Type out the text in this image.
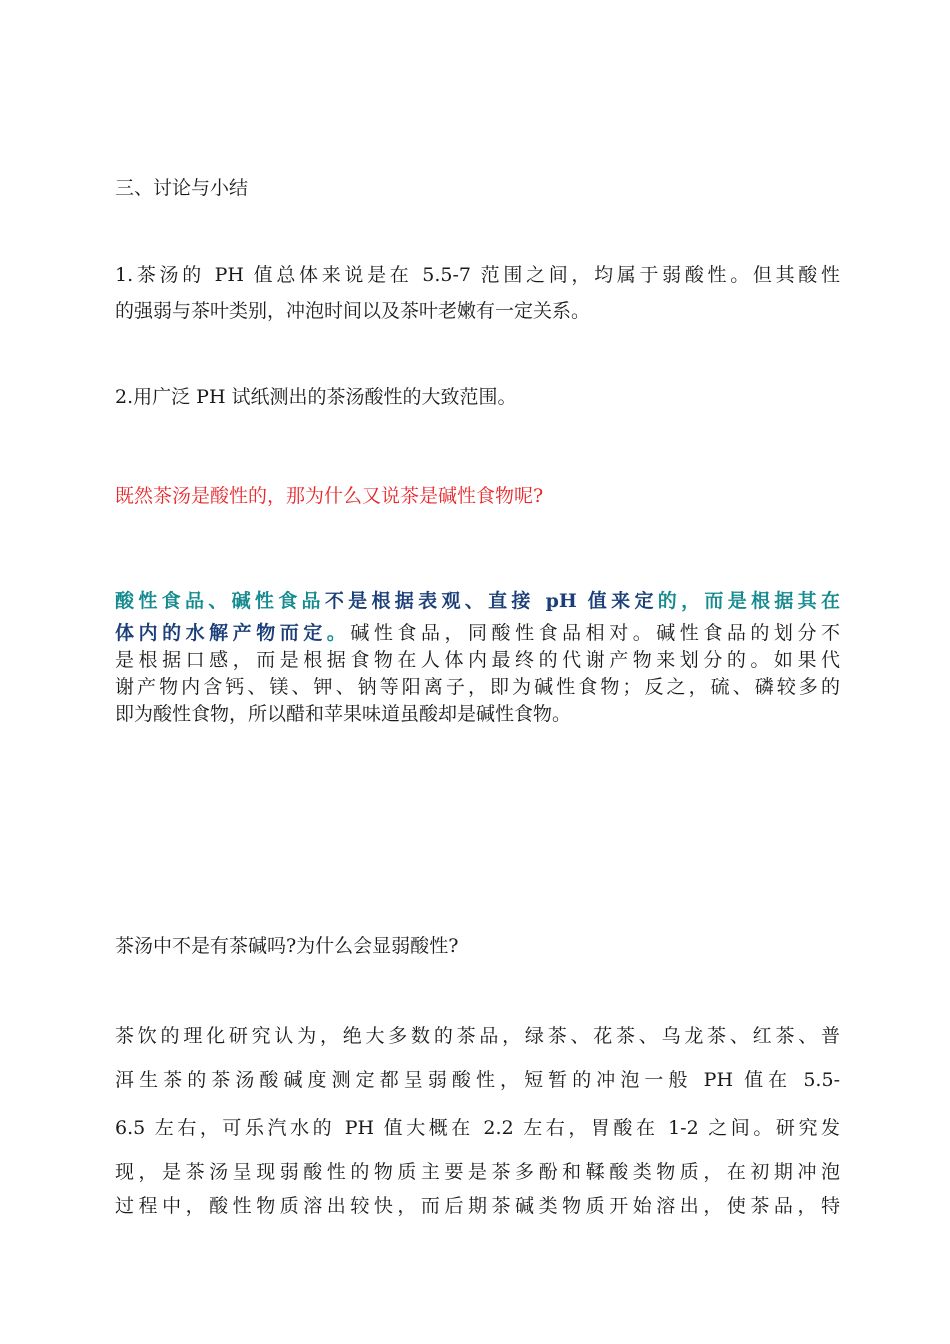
三、讨论与小结

1.茶汤的 PH 值总体来说是在 5.5-7 范围之间，均属于弱酸性。但其酸性
的强弱与茶叶类别，冲泡时间以及茶叶老嫩有一定关系。

2.用广泛 PH 试纸测出的茶汤酸性的大致范围。

既然茶汤是酸性的，那为什么又说茶是碱性食物呢?

酸性食品、碱性食品不是根据表观、直接 pH 值来定的，而是根据其在
体内的水解产物而定。碱性食品，同酸性食品相对。碱性食品的划分不
是根据口感，而是根据食物在人体内最终的代谢产物来划分的。如果代
谢产物内含钙、镁、钾、钠等阳离子，即为碱性食物；反之，硫、磷较多的
即为酸性食物，所以醋和苹果味道虽酸却是碱性食物。

茶汤中不是有茶碱吗?为什么会显弱酸性?

茶饮的理化研究认为，绝大多数的茶品，绿茶、花茶、乌龙茶、红茶、普
洱生茶的茶汤酸碱度测定都呈弱酸性，短暂的冲泡一般 PH 值在 5.5-
6.5 左右，可乐汽水的 PH 值大概在 2.2 左右，胃酸在 1-2 之间。研究发
现，是茶汤呈现弱酸性的物质主要是茶多酚和鞣酸类物质，在初期冲泡
过程中，酸性物质溶出较快，而后期茶碱类物质开始溶出，使茶品，特
